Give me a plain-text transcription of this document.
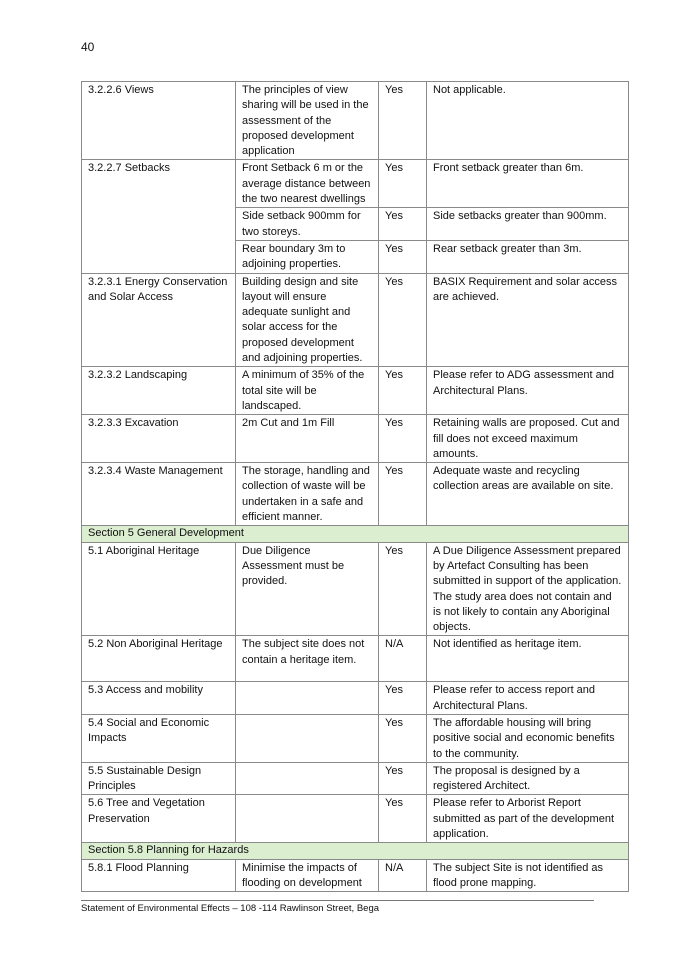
40
3.2.2.6 Views	The principles of view sharing will be used in the assessment of the proposed development application	Yes	Not applicable.
3.2.2.7 Setbacks	Front Setback 6 m or the average distance between the two nearest dwellings	Yes	Front setback greater than 6m.
	Side setback 900mm for two storeys.	Yes	Side setbacks greater than 900mm.
	Rear boundary 3m to adjoining properties.	Yes	Rear setback greater than 3m.
3.2.3.1 Energy Conservation and Solar Access	Building design and site layout will ensure adequate sunlight and solar access for the proposed development and adjoining properties.	Yes	BASIX Requirement and solar access are achieved.
3.2.3.2 Landscaping	A minimum of 35% of the total site will be landscaped.	Yes	Please refer to ADG assessment and Architectural Plans.
3.2.3.3 Excavation	2m Cut and 1m Fill	Yes	Retaining walls are proposed. Cut and fill does not exceed maximum amounts.
3.2.3.4 Waste Management	The storage, handling and collection of waste will be undertaken in a safe and efficient manner.	Yes	Adequate waste and recycling collection areas are available on site.
Section 5 General Development			
5.1 Aboriginal Heritage	Due Diligence Assessment must be provided.	Yes	A Due Diligence Assessment prepared by Artefact Consulting has been submitted in support of the application. The study area does not contain and is not likely to contain any Aboriginal objects.
5.2 Non Aboriginal Heritage	The subject site does not contain a heritage item.	N/A	Not identified as heritage item.
5.3 Access and mobility		Yes	Please refer to access report and Architectural Plans.
5.4 Social and Economic Impacts		Yes	The affordable housing will bring positive social and economic benefits to the community.
5.5 Sustainable Design Principles		Yes	The proposal is designed by a registered Architect.
5.6 Tree and Vegetation Preservation		Yes	Please refer to Arborist Report submitted as part of the development application.
Section 5.8 Planning for Hazards			
5.8.1 Flood Planning	Minimise the impacts of flooding on development	N/A	The subject Site is not identified as flood prone mapping.
Statement of Environmental Effects – 108 -114 Rawlinson Street, Bega
